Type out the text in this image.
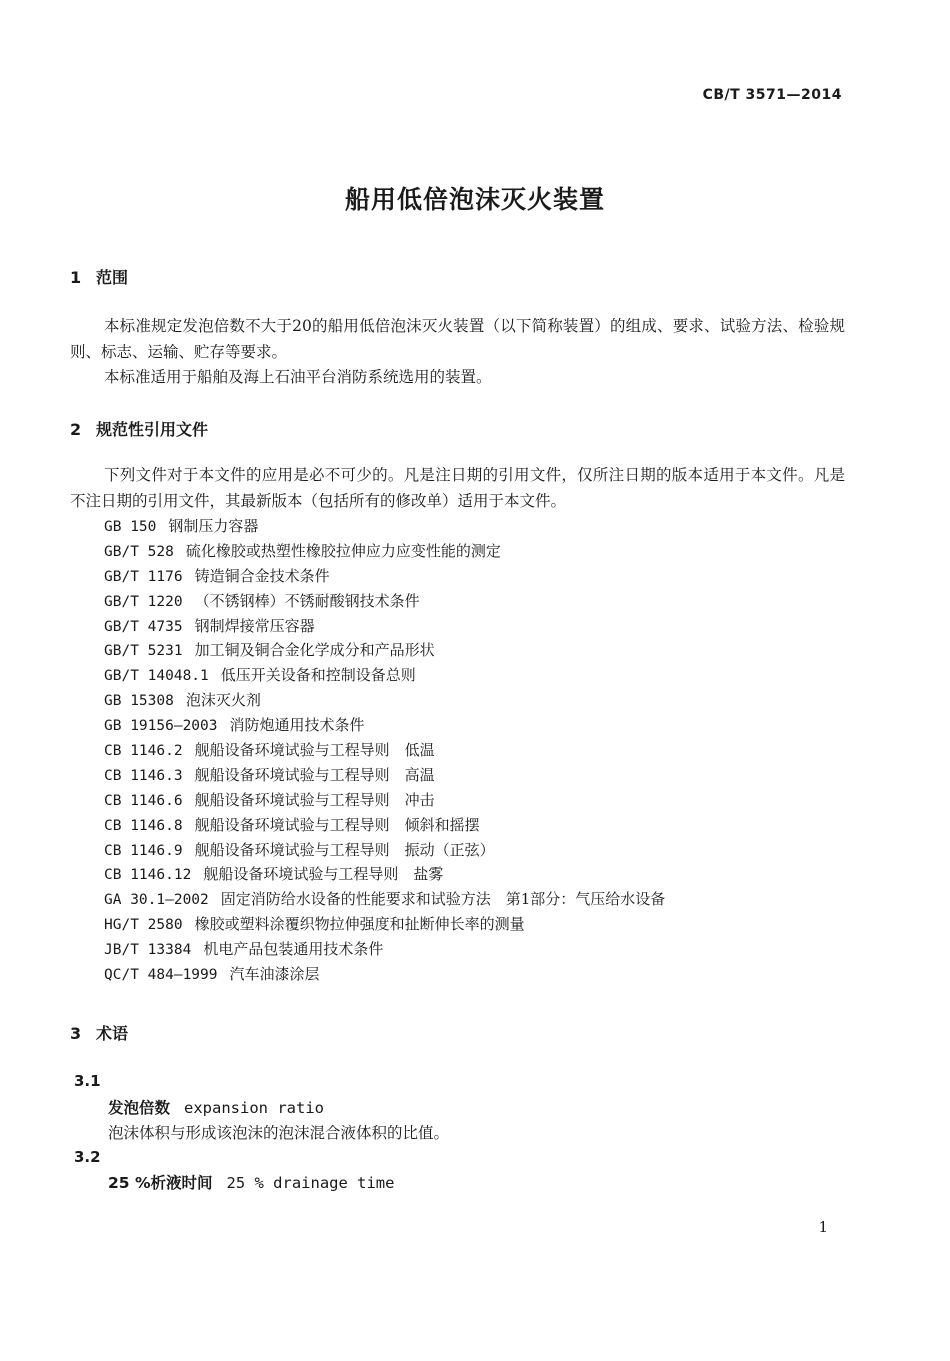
CB/T 3571—2014
船用低倍泡沫灭火装置
1 范围
本标准规定发泡倍数不大于20的船用低倍泡沫灭火装置（以下简称装置）的组成、要求、试验方法、检验规则、标志、运输、贮存等要求。
本标准适用于船舶及海上石油平台消防系统选用的装置。
2 规范性引用文件
下列文件对于本文件的应用是必不可少的。凡是注日期的引用文件，仅所注日期的版本适用于本文件。凡是不注日期的引用文件，其最新版本（包括所有的修改单）适用于本文件。
GB 150 钢制压力容器
GB/T 528 硫化橡胶或热塑性橡胶拉伸应力应变性能的测定
GB/T 1176 铸造铜合金技术条件
GB/T 1220 （不锈钢棒）不锈耐酸钢技术条件
GB/T 4735 钢制焊接常压容器
GB/T 5231 加工铜及铜合金化学成分和产品形状
GB/T 14048.1 低压开关设备和控制设备总则
GB 15308 泡沫灭火剂
GB 19156—2003 消防炮通用技术条件
CB 1146.2 舰船设备环境试验与工程导则　低温
CB 1146.3 舰船设备环境试验与工程导则　高温
CB 1146.6 舰船设备环境试验与工程导则　冲击
CB 1146.8 舰船设备环境试验与工程导则　倾斜和摇摆
CB 1146.9 舰船设备环境试验与工程导则　振动（正弦）
CB 1146.12 舰船设备环境试验与工程导则　盐雾
GA 30.1—2002 固定消防给水设备的性能要求和试验方法　第1部分：气压给水设备
HG/T 2580 橡胶或塑料涂覆织物拉伸强度和扯断伸长率的测量
JB/T 13384 机电产品包装通用技术条件
QC/T 484—1999 汽车油漆涂层
3 术语
3.1
发泡倍数 expansion ratio
泡沫体积与形成该泡沫的泡沫混合液体积的比值。
3.2
25 %析液时间 25 % drainage time
1
